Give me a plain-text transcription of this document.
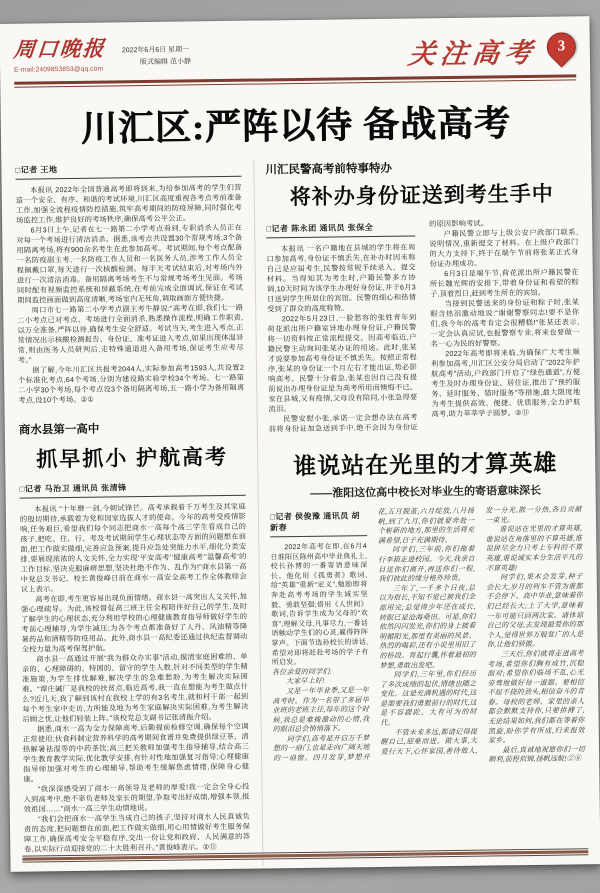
周口晚报
E-mail:2409853853@qq.com
2022年6月6日 星期一
版式编辑 范小静	关注高考 3
川汇区:严阵以待 备战高考
□记者 王地

本报讯 2022年全国普通高考即将到来,为给参加高考的学生们营造一个安全、有序、和谐的考试环境,川汇区高度重视各考点考前准备工作,加强全流程疫情防控措施,筑牢高考期间的防疫屏障,同时强化考场监控工作,维护良好的考场秩序,确保高考公平公正。

6月3日上午,记者在七一路第二小学考点看到,专职消杀人员正在对每一个考场进行清洁消杀。据悉,该考点共设置30个常规考场,3个备用隔离考场,将有900余名考生在此参加高考。考试期间,每个考点配备一名防疫副主考,一名防疫工作人员和一名医务人员,涉考工作人员全程佩戴口罩,每天进行一次核酸检测。每半天考试结束后,对考场内外进行一次清洁消毒。备用隔离考场考生不与常规考场考生见面。考场同时配有视频监控系统和屏蔽系统,在考前完成全面调试,保证在考试期间监控画面做到高度清晰,考场室内无死角,调取画面方便快捷。

周口市七一路第二小学考点副主考牛静说:“高考在即,我们七一路二小考点已对考点、考场进行全面消杀,熟悉操作流程,明确工作职责,以万全准备,严阵以待,确保考生安全舒适。考试当天,考生进入考点,正常情况出示核酸检测报告、身份证、准考证进入考点,如果出现体温异常,则由医务人员研判后,走特殊通道进入备用考场,保证考生应考尽考。”

据了解,今年川汇区共报考2044人,实际参加高考1593人,共设置2个标准化考点,64个考场,分别为建设路实验学校34个考场、七一路第二小学30个考场,每个考点设3个备用隔离考场,五一路小学为备用隔离考点,设10个考场。②①

商水县第一高中
抓早抓小 护航高考
□记者 马治卫 通讯员 张清锋

本报讯 “十年磨一剑,今朝试锋芒。高考承载着千万考生及其家庭的殷切期待,承载着为党和国家选拔人才的使命。今年的高考受疫情影响,任务艰巨,希望我们每个同志把商水一高每个高三学生看成自己的孩子,把吃、住、行、考及考试期间学生心理状态等方面的问题想在前面,把工作做实做细,完善应急预案,提升应急处突能力水平,细化分类安排,要展现浓浓的人文关怀,全力实现‘平安高考’‘健康高考’‘温馨高考’的工作目标,坚决克服麻痹思想,坚决杜绝不作为、乱作为!”商水县第一高中党总支书记、校长黄俊峰日前在商水一高安全高考工作全体教师会议上表示。

高考在即,考生更容易出现负面情绪。商水县一高突出人文关怀,加强心理疏导。为此,该校督促高三班主任全程陪伴好自己的学生,及时了解学生的心理状态,充分利用学校的心理健康教育指导师做好学生的考前心理辅导,为学生减压;为各个考点都准备好了人丹、风油精等降暑药品和酒精等防疫用品。此外,商水县一高纪委还通过执纪监督调动全校力量为高考保驾护航。

商水县一高通过开展“我为群众办实事”活动,摸清家庭困难的、单亲的、心理障碍的、特困的、留守的学生人数,针对不同类型的学生精准施策,为学生排忧解难,解决学生的急难愁盼,为考生解决实际困难。“谭庄碱厂是我校的扶贫点,临近高考,我一直在想能为考生做点什么?近几天,我了解到该村在我校上学的有3名考生,就和村干部一起到每个考生家中走访,力所能及地为考生家庭解决实际困难,为考生解决后顾之忧,让他们轻装上阵。”该校党总支副书记张清振介绍。

据悉,商水一高为全力保障高考,后勤提前检修空调,确保每个空调正常使用;伙食科制定营养科学的高考期间食谱并免费提供绿豆茶、清热解暑祛湿等的中药茶饮;高三把关教师加强考生指导辅导,结合高三学生教育教学实际,优化教学安排,有针对性地加强复习指导;心理健康指导师加强对考生的心理辅导,帮助考生缓解焦虑情绪,保障身心健康。

“我深深感受到了商水一高领导及老师的厚爱!我一定会全身心投入到高考中,绝不辜负老师及家长的期望,争取考出好成绩,增强本领,报效祖国……”商水一高三学生动情地说。

“我们会把商水一高学生当成自己的孩子,坚持对商水人民真诚负责的态度,把问题想在前面,把工作做实做细,用心用情做好考生服务保障工作,确保高考安全平稳有序,交出一份让党和政府、人民满意的答卷,以实际行动迎接党的二十大胜利召开。”黄俊峰表示。②⑪

川汇民警高考前特事特办
将补办身份证送到考生手中
□记者 陈永团 通讯员 张保全

本报讯 一名户籍地在县城的学生将在周口参加高考,身份证不慎丢失,在补办时因未称自己是应届考生,民警按常规手续录入、提交材料。当得知其为考生时,户籍民警多方协调,10天时间为该学生办理好身份证,并于6月3日送到学生所居住的宾馆。民警的细心和热情受到了群众的高度称赞。

2022年5月23日,一脸愁容的张姓青年到荷花派出所户籍室异地办理身份证,户籍民警将一切资料按正常流程提交。因高考临近,户籍民警主动询问张某办证的用途。此时,张某才说要参加高考身份证不慎丢失。按照正常程序,张某的身份证一个月左右才能出证,势必影响高考。民警十分着急,张某也因自己没有提前说出办理身份证是为高考所用而懊悔不已。家在县城,又有疫情,父母没有陪同,小张急得要流泪。

民警安慰小张,承诺一定会想办法在高考前将身份证加急送到手中,绝不会因为身份证的原因影响考试。

户籍民警立即与上级公安户政部门联系,说明情况,重新提交了材料。在上级户政部门的大力支持下,终于在端午节前将张某正式身份证办理成功。

6月3日是端午节,荷花派出所户籍民警在所长魏光辉的安排下,带着身份证和看望的粽子,顶着烈日,赶到考生所在的宾馆。

当接到民警送来的身份证和粽子时,张某眼含热泪激动地说:“谢谢警察同志!要不是你们,我今年的高考肯定会很糟糕!”张某还表示,一定会认真应试,也报警察专业,将来也要做一名一心为民的好警察。

2022年高考即将来临,为确保广大考生顺利参加高考,川汇区公安分局启动了“2022年护航高考”活动,户政部门开启了“绿色通道”,方便考生及时办理身份证、居住证,推出了“预约服务、延时服务、错时服务”等措施,最大限度地为考生提供高效、便捷、优质服务,全力护航高考,助力莘莘学子圆梦。②⑪

谁说站在光里的才算英雄
——淮阳这位高中校长对毕业生的寄语意味深长
□记者 侯俊豫 通讯员 胡新春

2022年高考在即,在6月4日淮阳区陈州高中毕业典礼上,校长孙博的一番寄语意味深长。他化用《孤勇者》歌词,给“英雄”重新“定义”,勉励即将奔赴高考考场的学生诚实坚毅、勇敢坚强;借用《人世间》歌词,告诉学生成为父母的“欢喜”,理解父母,凡事尽力,一番话语触动学生们的心灵,赢得阵阵掌声。下面节选孙校长的讲话,希望对即将赶赴考场的学子有所启发。

各位亲爱的同学们:

大家早上好!

又是一年毕业季,又是一年高考时。作为一名带了多届毕业班的老班主任,每年的这个时候,我总是难掩激动的心情,我的眼泪总会悄悄落下。

同学们,高考是开启万千梦想的一扇门,也是走向广阔天地的一扇窗。四月发芽,梦想开花,五月脱茧,六月绽放,八月扬帆,到了九月,你们就要奔赴一个崭新的地方,那里的生活将充满希望,日子充满期待。

同学们,三年前,你们拖着行李箱走进校园。今天,我亲自目送你们离开,再送你们一程,我们彼此的缘分格外珍贵。

三年了,一千多个日夜,总以为很长,不知不觉已被我们全部用完;总觉得少年还在成长,转眼已是沧海桑田。可是,你们依然闪闪发光,你们的身上披着明媚阳光,那里有美丽的风景、热烈的喝彩,还有小说里用旧了的桥段。背起行囊,怀着最初的梦想,勇敢出发吧。

同学们,三年里,你们经历了多次成绩的起伏,情绪也随之变化。这是充满机遇的时代,这是需要我们勇毅前行的时代,这是不容蹉跎、大有可为的时代。

不管未来多远,都请记得提醒自己,迎难而进。做大事,大爱行天下,心怀家国,善待他人,发一分光,散一分热,各自贡献一束光。

谁说站在光里的才算英雄,谁说站在角落里的不算英雄,谁说拼尽全力只考上专科的不算英雄,谁说诚实本分生活平凡的不算英雄!

同学们,果木会发芽,种子会长大,岁月的列车不管为谁都不会停下。高中毕业,意味着你们已经长大;上了大学,意味着一年可能只回两次家。请体谅自己的父母,去发现最爱你的那个人,觉得世界万般宽广的人是你,让他们骄傲。

三天后,你们就将走进高考考场,希望你们胸有成竹,沉稳面对;希望你们临场不乱,心无旁骛地做好每一道题。要相信不屈不挠的劲头,相信奋斗的青春。母校的老师、家里的亲人都会默默支持你,只要拼搏了,无论结果如何,我们都在等着你凯旋,盼你学有所成,归来报效家乡。

最后,真诚地祝愿你们一切顺利,前程似锦,扬帆远航!②⑧
